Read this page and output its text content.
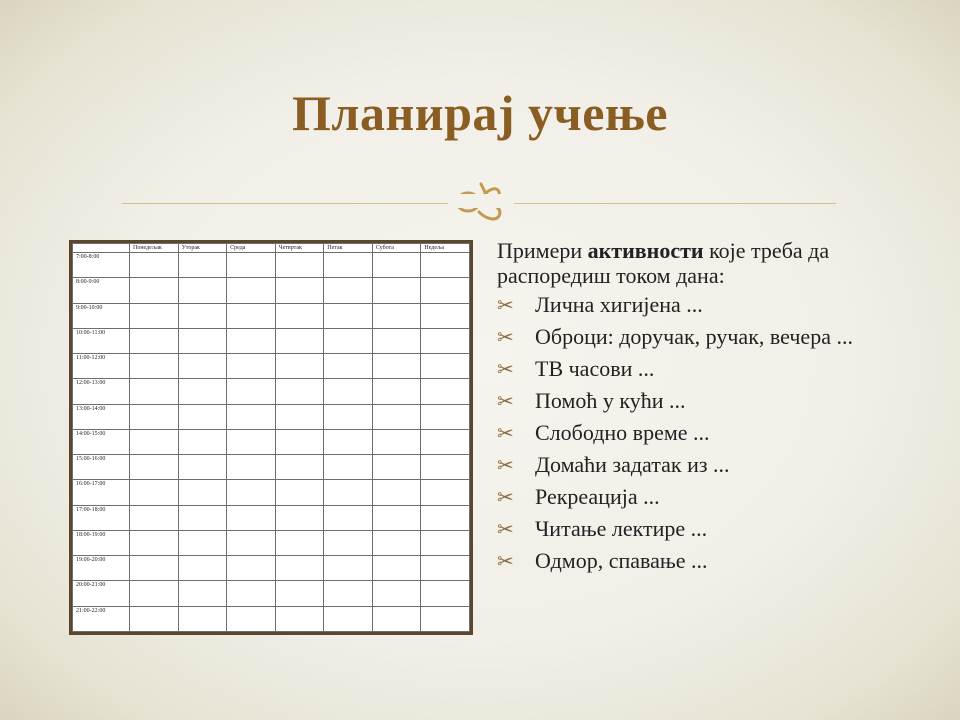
Планирај учење
	Понедељак	Уторак	Среда	Четвртак	Петак	Субота	Недеља
7:00-8:00							
8:00-9:00							
9:00-10:00							
10:00-11:00							
11:00-12:00							
12:00-13:00							
13:00-14:00							
14:00-15:00							
15:00-16:00							
16:00-17:00							
17:00-18:00							
18:00-19:00							
19:00-20:00							
20:00-21:00							
21:00-22:00							

Примери активности које треба да распоредиш током дана:

✂ Лична хигијена ...
✂ Оброци: доручак, ручак, вечера ...
✂ ТВ часови ...
✂ Помоћ у кући ...
✂ Слободно време ...
✂ Домаћи задатак из ...
✂ Рекреација ...
✂ Читање лектире ...
✂ Одмор, спавање ...
